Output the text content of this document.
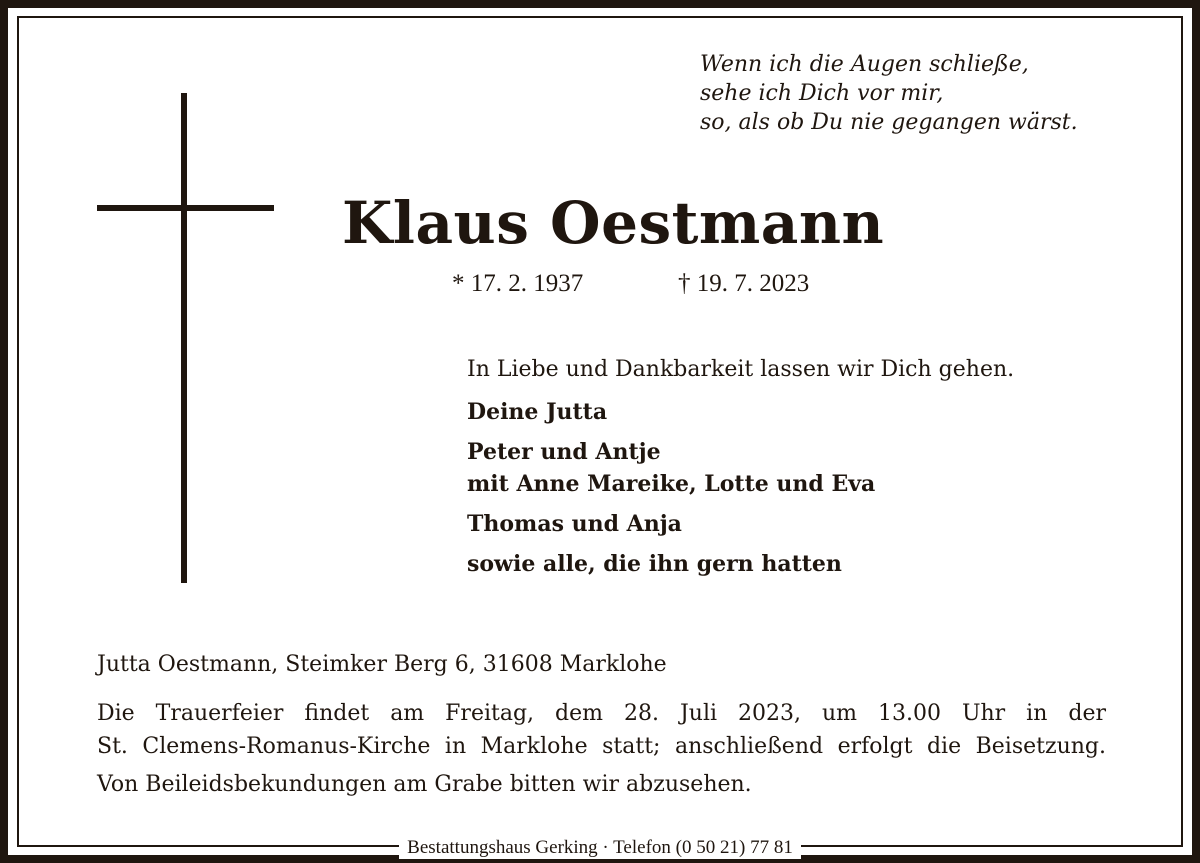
Wenn ich die Augen schließe,
sehe ich Dich vor mir,
so, als ob Du nie gegangen wärst.
Klaus Oestmann
* 17. 2. 1937	† 19. 7. 2023
In Liebe und Dankbarkeit lassen wir Dich gehen.
Deine Jutta
Peter und Antje
mit Anne Mareike, Lotte und Eva
Thomas und Anja
sowie alle, die ihn gern hatten
Jutta Oestmann, Steimker Berg 6, 31608 Marklohe
Die Trauerfeier findet am Freitag, dem 28. Juli 2023, um 13.00 Uhr in der
St. Clemens-Romanus-Kirche in Marklohe statt; anschließend erfolgt die Beisetzung.
Von Beileidsbekundungen am Grabe bitten wir abzusehen.
Bestattungshaus Gerking · Telefon (0 50 21) 77 81
